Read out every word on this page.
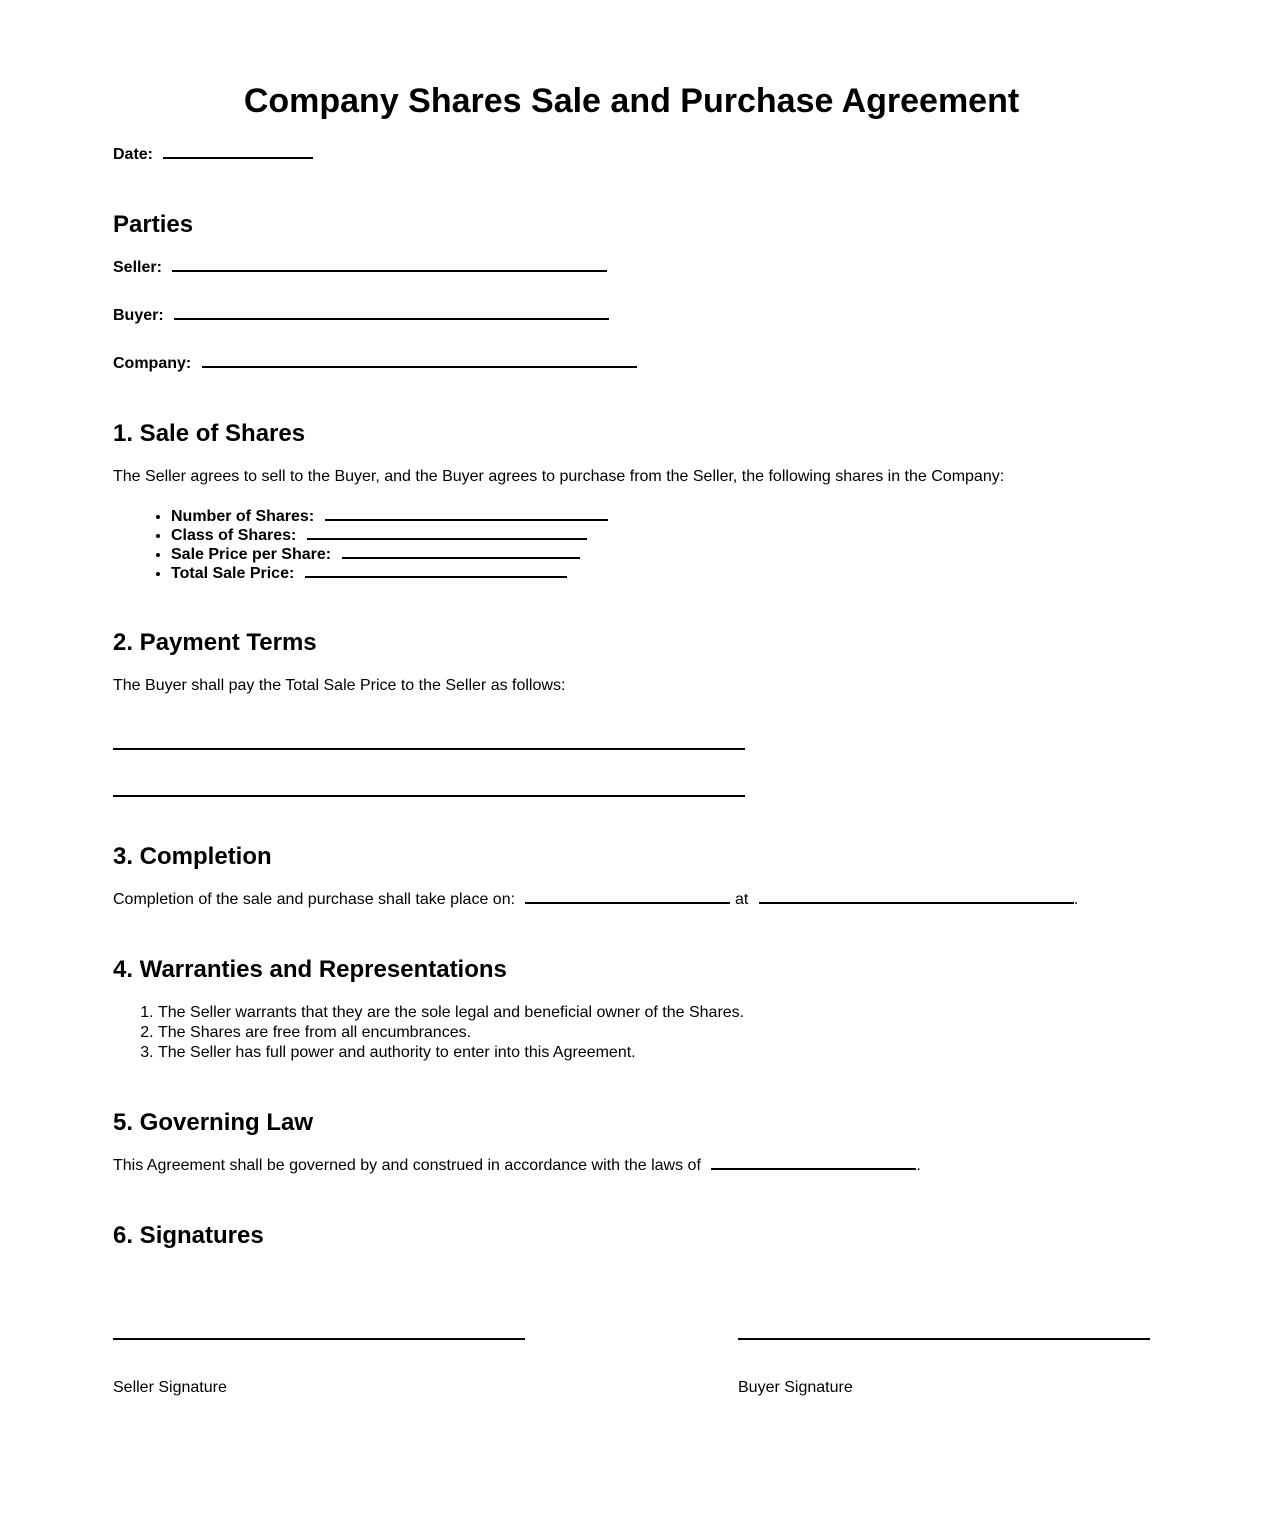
Company Shares Sale and Purchase Agreement

Date:

Parties

Seller:

Buyer:

Company:

1. Sale of Shares

The Seller agrees to sell to the Buyer, and the Buyer agrees to purchase from the Seller, the following shares in the Company:

• Number of Shares:
• Class of Shares:
• Sale Price per Share:
• Total Sale Price:
2. Payment Terms

The Buyer shall pay the Total Sale Price to the Seller as follows:

3. Completion

Completion of the sale and purchase shall take place on:	at	.

4. Warranties and Representations
1. The Seller warrants that they are the sole legal and beneficial owner of the Shares.
2. The Shares are free from all encumbrances.
3. The Seller has full power and authority to enter into this Agreement.
5. Governing Law

This Agreement shall be governed by and construed in accordance with the laws of	.

6. Signatures

Seller Signature	Buyer Signature
